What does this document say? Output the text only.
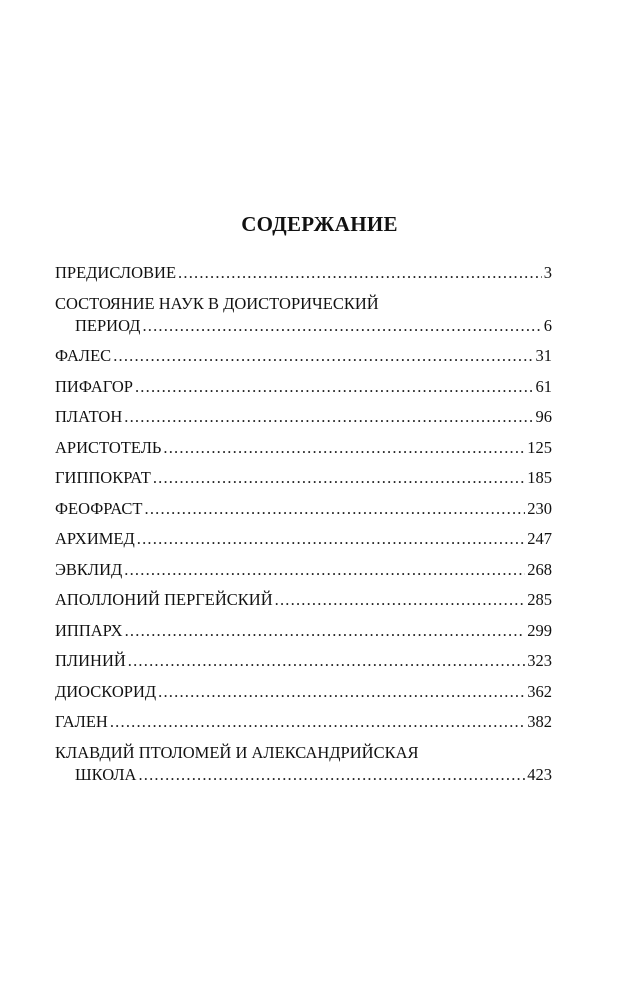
СОДЕРЖАНИЕ
ПРЕДИСЛОВИЕ .....	3
СОСТОЯНИЕ НАУК В ДОИСТОРИЧЕСКИЙ
ПЕРИОД .....	6
ФАЛЕС .....	31
ПИФАГОР .....	61
ПЛАТОН .....	96
АРИСТОТЕЛЬ .....	125
ГИППОКРАТ .....	185
ФЕОФРАСТ .....	230
АРХИМЕД .....	247
ЭВКЛИД .....	268
АПОЛЛОНИЙ ПЕРГЕЙСКИЙ .....	285
ИППАРХ .....	299
ПЛИНИЙ .....	323
ДИОСКОРИД .....	362
ГАЛЕН .....	382
КЛАВДИЙ ПТОЛОМЕЙ И АЛЕКСАНДРИЙСКАЯ
ШКОЛА .....	423
